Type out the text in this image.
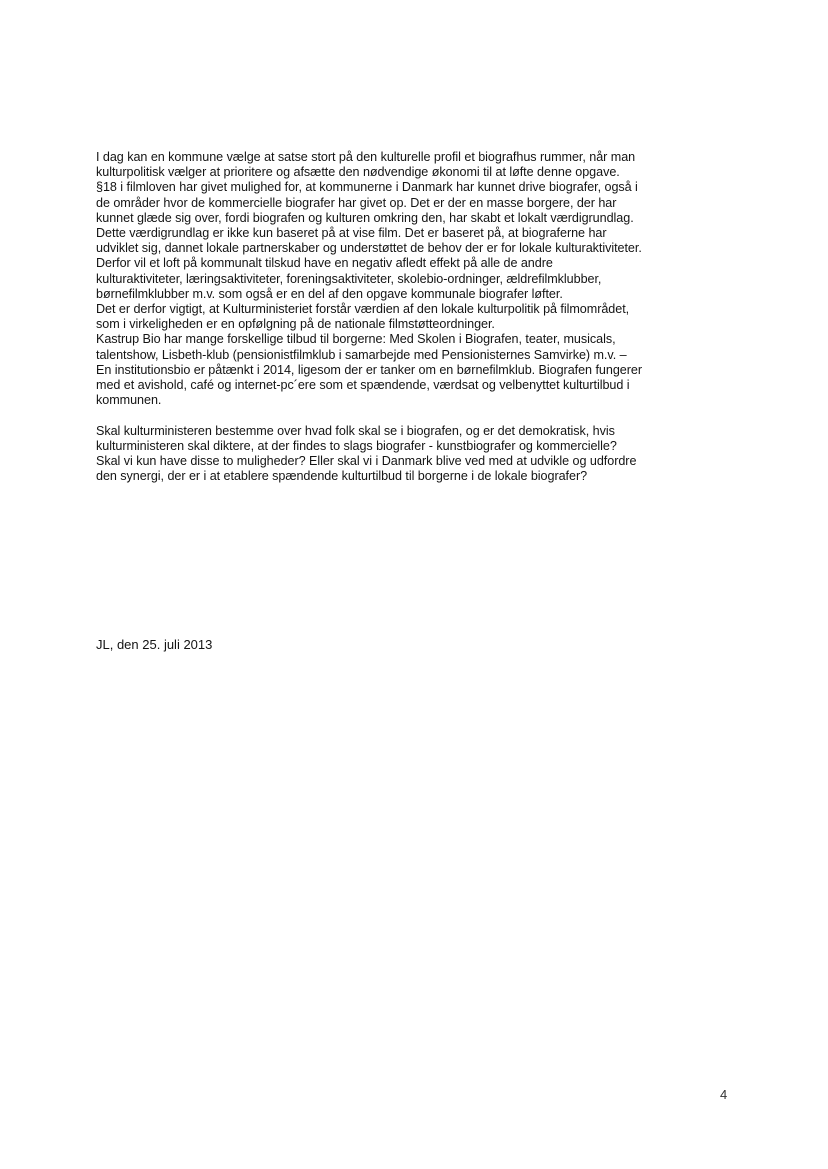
I dag kan en kommune vælge at satse stort på den kulturelle profil et biografhus rummer, når man
kulturpolitisk vælger at prioritere og afsætte den nødvendige økonomi til at løfte denne opgave.
§18 i filmloven har givet mulighed for, at kommunerne i Danmark har kunnet drive biografer, også i
de områder hvor de kommercielle biografer har givet op. Det er der en masse borgere, der har
kunnet glæde sig over, fordi biografen og kulturen omkring den, har skabt et lokalt værdigrundlag.
Dette værdigrundlag er ikke kun baseret på at vise film. Det er baseret på, at biograferne har
udviklet sig, dannet lokale partnerskaber og understøttet de behov der er for lokale kulturaktiviteter.
Derfor vil et loft på kommunalt tilskud have en negativ afledt effekt på alle de andre
kulturaktiviteter, læringsaktiviteter, foreningsaktiviteter, skolebio-ordninger, ældrefilmklubber,
børnefilmklubber m.v. som også er en del af den opgave kommunale biografer løfter.
Det er derfor vigtigt, at Kulturministeriet forstår værdien af den lokale kulturpolitik på filmområdet,
som i virkeligheden er en opfølgning på de nationale filmstøtteordninger.
Kastrup Bio har mange forskellige tilbud til borgerne: Med Skolen i Biografen, teater, musicals,
talentshow, Lisbeth-klub (pensionistfilmklub i samarbejde med Pensionisternes Samvirke) m.v. –
En institutionsbio er påtænkt i 2014, ligesom der er tanker om en børnefilmklub. Biografen fungerer
med et avishold, café og internet-pc´ere som et spændende, værdsat og velbenyttet kulturtilbud i
kommunen.
Skal kulturministeren bestemme over hvad folk skal se i biografen, og er det demokratisk, hvis
kulturministeren skal diktere, at der findes to slags biografer - kunstbiografer og kommercielle?
Skal vi kun have disse to muligheder? Eller skal vi i Danmark blive ved med at udvikle og udfordre
den synergi, der er i at etablere spændende kulturtilbud til borgerne i de lokale biografer?
JL, den 25. juli 2013
4
